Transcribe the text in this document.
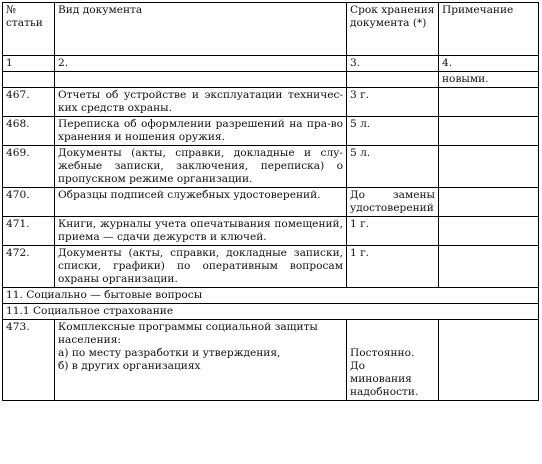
№
статьи	Вид документа	Срок хранения документа (*)	Примечание
1	2.	3.	4.
			новыми.
467.	Отчеты об устройстве и эксплуатации техничес-ких средств охраны.	3 г.	
468.	Переписка об оформлении разрешений на пра-во хранения и ношения оружия.	5 л.	
469.	Документы (акты, справки, докладные и слу-жебные записки, заключения, переписка) о пропускном режиме организации.	5 л.	
470.	Образцы подписей служебных удостоверений.	До замены
удостоверений	

471.	Книги, журналы учета опечатывания помещений, приема — сдачи дежурств и ключей.	1 г.	
472.	Документы (акты, справки, докладные записки, списки, графики) по оперативным вопросам охраны организации.	1 г.	
11. Социально — бытовые вопросы			
11.1 Социальное страхование			
473.	Комплексные программы социальной защиты населения:
а) по месту разработки и утверждения,
б) в других организациях	Постоянно.
До
минования
надобности.	
